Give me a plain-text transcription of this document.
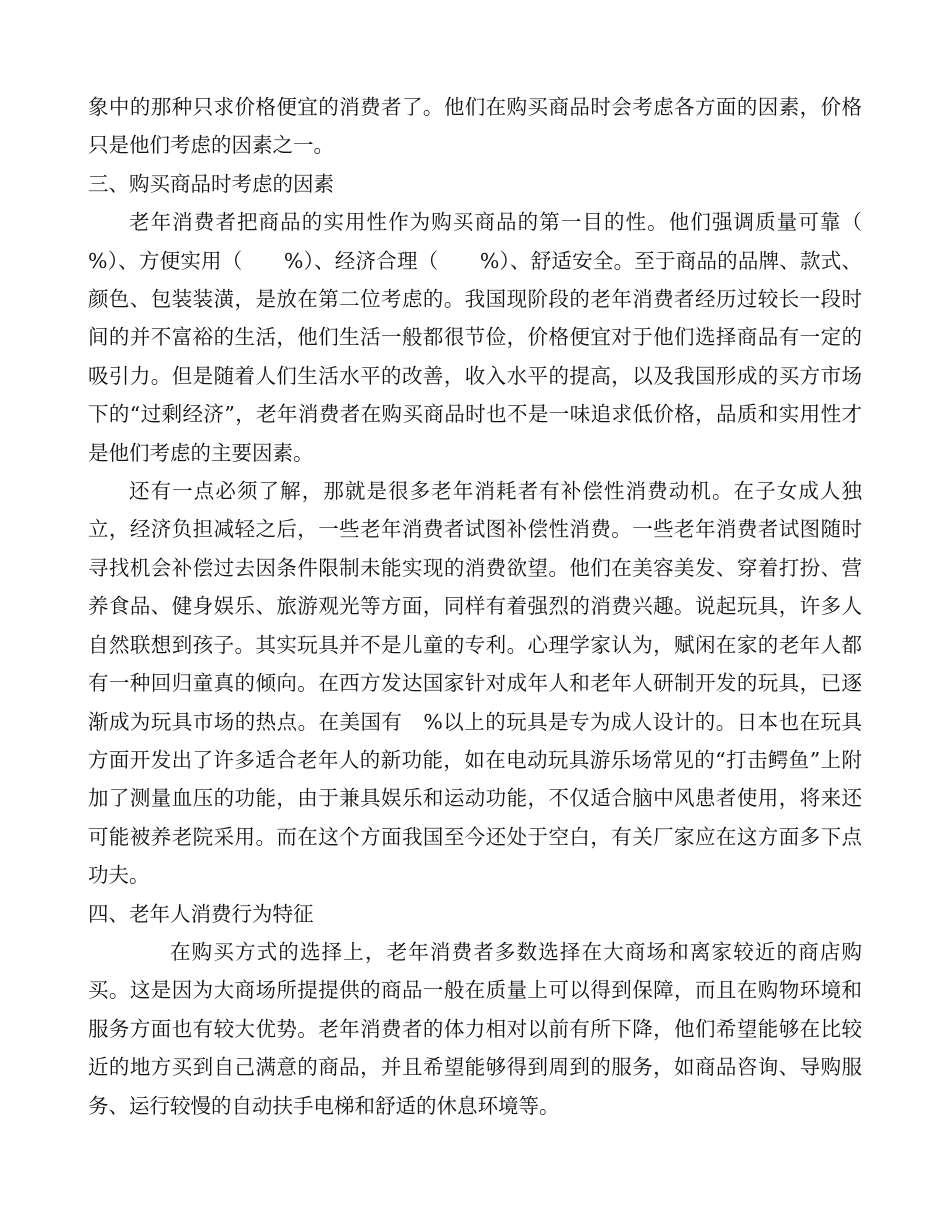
象中的那种只求价格便宜的消费者了。他们在购买商品时会考虑各方面的因素，价格只是他们考虑的因素之一。

三、购买商品时考虑的因素

老年消费者把商品的实用性作为购买商品的第一目的性。他们强调质量可靠（　　%）、方便实用（　　%）、经济合理（　　%）、舒适安全。至于商品的品牌、款式、颜色、包装装潢，是放在第二位考虑的。我国现阶段的老年消费者经历过较长一段时间的并不富裕的生活，他们生活一般都很节俭，价格便宜对于他们选择商品有一定的吸引力。但是随着人们生活水平的改善，收入水平的提高，以及我国形成的买方市场下的“过剩经济”，老年消费者在购买商品时也不是一味追求低价格，品质和实用性才是他们考虑的主要因素。

还有一点必须了解，那就是很多老年消耗者有补偿性消费动机。在子女成人独立，经济负担减轻之后，一些老年消费者试图补偿性消费。一些老年消费者试图随时寻找机会补偿过去因条件限制未能实现的消费欲望。他们在美容美发、穿着打扮、营养食品、健身娱乐、旅游观光等方面，同样有着强烈的消费兴趣。说起玩具，许多人自然联想到孩子。其实玩具并不是儿童的专利。心理学家认为，赋闲在家的老年人都有一种回归童真的倾向。在西方发达国家针对成年人和老年人研制开发的玩具，已逐渐成为玩具市场的热点。在美国有　%以上的玩具是专为成人设计的。日本也在玩具方面开发出了许多适合老年人的新功能，如在电动玩具游乐场常见的“打击鳄鱼”上附加了测量血压的功能，由于兼具娱乐和运动功能，不仅适合脑中风患者使用，将来还可能被养老院采用。而在这个方面我国至今还处于空白，有关厂家应在这方面多下点功夫。

四、老年人消费行为特征

在购买方式的选择上，老年消费者多数选择在大商场和离家较近的商店购买。这是因为大商场所提提供的商品一般在质量上可以得到保障，而且在购物环境和服务方面也有较大优势。老年消费者的体力相对以前有所下降，他们希望能够在比较近的地方买到自己满意的商品，并且希望能够得到周到的服务，如商品咨询、导购服务、运行较慢的自动扶手电梯和舒适的休息环境等。
